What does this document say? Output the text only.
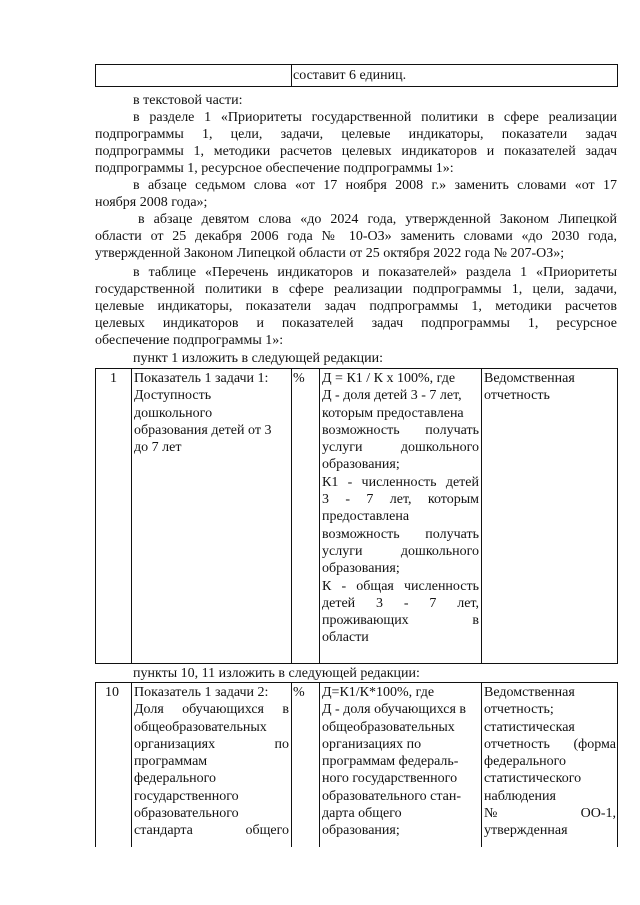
составит 6 единиц.
в текстовой части:
в разделе 1 «Приоритеты государственной политики в сфере реализации
подпрограммы 1, цели, задачи, целевые индикаторы, показатели задач
подпрограммы 1, методики расчетов целевых индикаторов и показателей задач
подпрограммы 1, ресурсное обеспечение подпрограммы 1»:
в абзаце седьмом слова «от 17 ноября 2008 г.» заменить словами «от 17
ноября 2008 года»;
в абзаце девятом слова «до 2024 года, утвержденной Законом Липецкой
области от 25 декабря 2006 года № 10-ОЗ» заменить словами «до 2030 года,
утвержденной Законом Липецкой области от 25 октября 2022 года № 207-ОЗ»;
в таблице «Перечень индикаторов и показателей» раздела 1 «Приоритеты
государственной политики в сфере реализации подпрограммы 1, цели, задачи,
целевые индикаторы, показатели задач подпрограммы 1, методики расчетов
целевых индикаторов и показателей задач подпрограммы 1, ресурсное
обеспечение подпрограммы 1»:
пункт 1 изложить в следующей редакции:
1 Показатель 1 задачи 1:
Доступность
дошкольного
образования детей от 3
до 7 лет
% Д = К1 / К х 100%, где
Д - доля детей 3 - 7 лет,
которым предоставлена
возможность получать
услуги дошкольного
образования;
К1 - численность детей
3 - 7 лет, которым
предоставлена
возможность получать
услуги дошкольного
образования;
К - общая численность
детей 3 - 7 лет,
проживающих в
области
Ведомственная
отчетность
пункты 10, 11 изложить в следующей редакции:
10 Показатель 1 задачи 2:
Доля обучающихся в
общеобразовательных
организациях по
программам
федерального
государственного
образовательного
стандарта общего
% Д=К1/К*100%, где
Д - доля обучающихся в
общеобразовательных
организациях по
программам федераль-
ного государственного
образовательного стан-
дарта общего
образования;
Ведомственная
отчетность;
статистическая
отчетность (форма
федерального
статистического
наблюдения
№ ОО-1,
утвержденная
